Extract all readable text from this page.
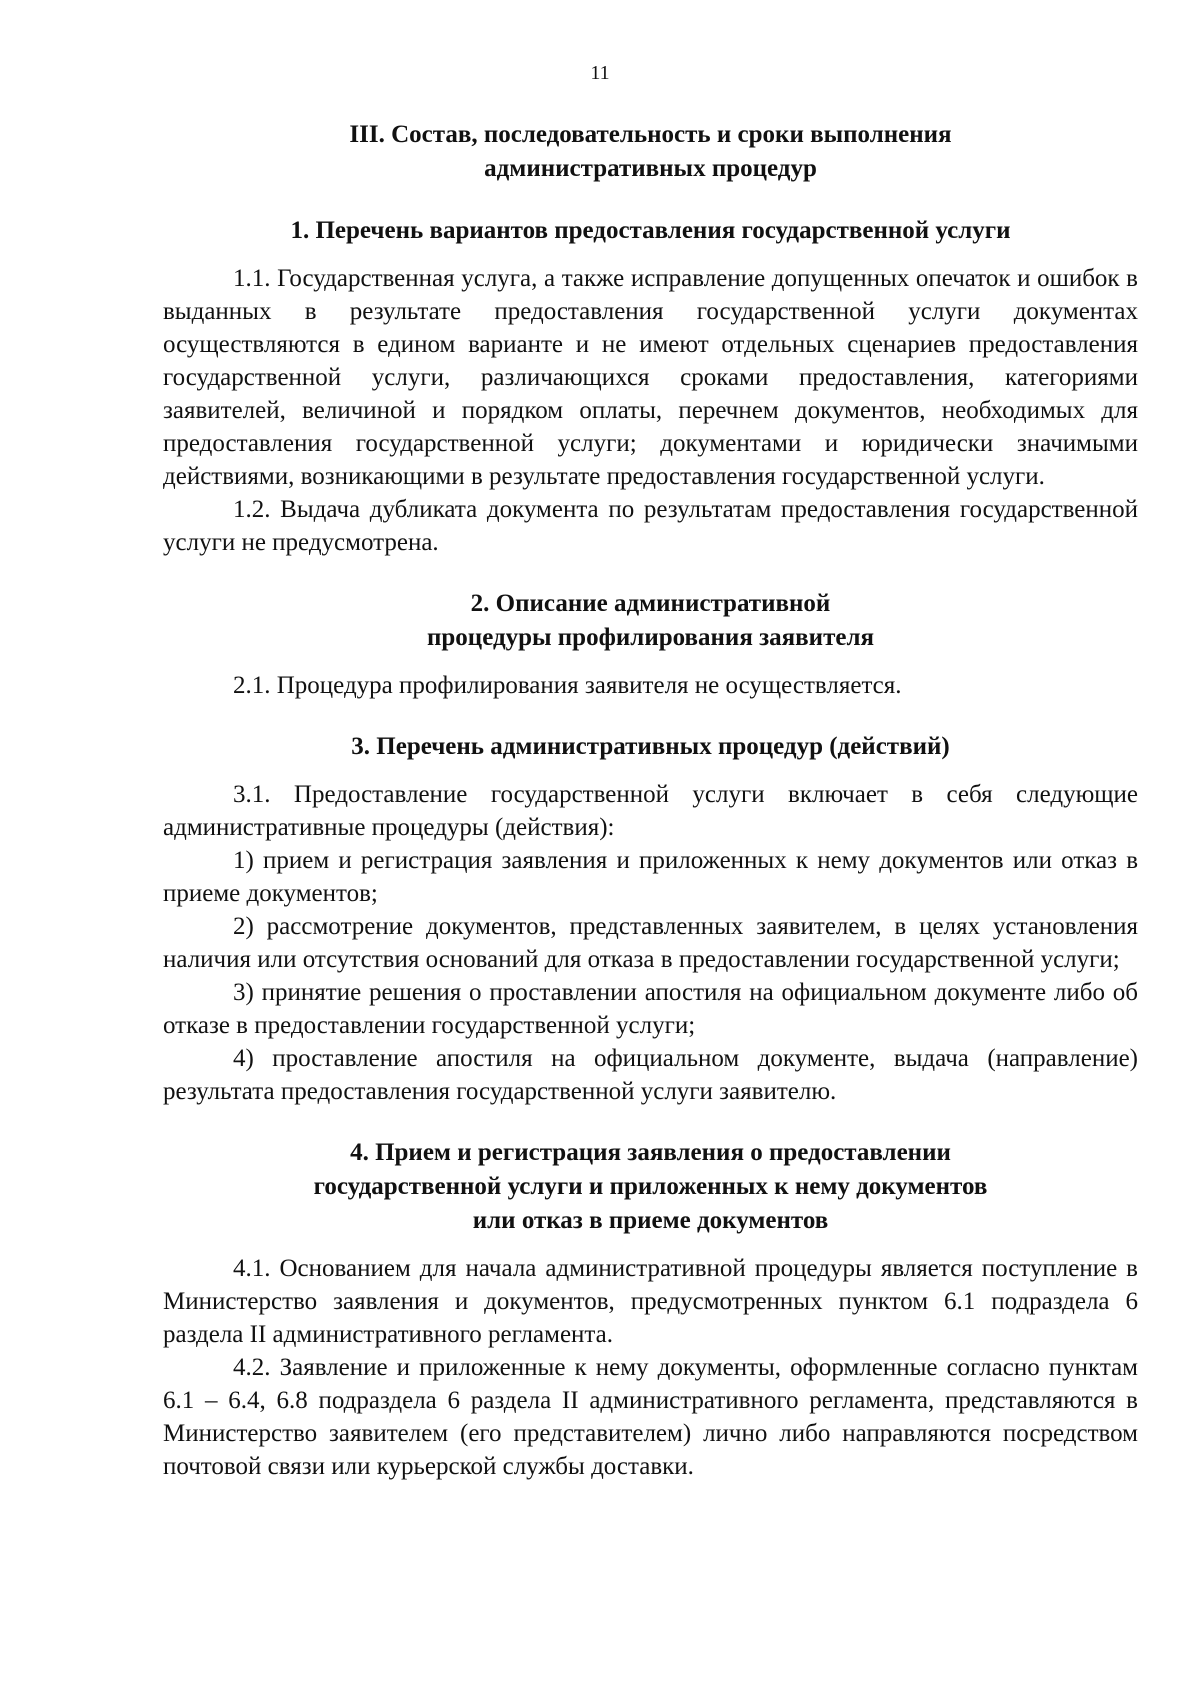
11
III. Состав, последовательность и сроки выполнения административных процедур
1. Перечень вариантов предоставления государственной услуги

1.1. Государственная услуга, а также исправление допущенных опечаток и ошибок в выданных в результате предоставления государственной услуги документах осуществляются в едином варианте и не имеют отдельных сценариев предоставления государственной услуги, различающихся сроками предоставления, категориями заявителей, величиной и порядком оплаты, перечнем документов, необходимых для предоставления государственной услуги; документами и юридически значимыми действиями, возникающими в результате предоставления государственной услуги.

1.2. Выдача дубликата документа по результатам предоставления государственной услуги не предусмотрена.

2. Описание административной процедуры профилирования заявителя

2.1. Процедура профилирования заявителя не осуществляется.

3. Перечень административных процедур (действий)

3.1. Предоставление государственной услуги включает в себя следующие административные процедуры (действия):

1) прием и регистрация заявления и приложенных к нему документов или отказ в приеме документов;

2) рассмотрение документов, представленных заявителем, в целях установления наличия или отсутствия оснований для отказа в предоставлении государственной услуги;

3) принятие решения о проставлении апостиля на официальном документе либо об отказе в предоставлении государственной услуги;

4) проставление апостиля на официальном документе, выдача (направление) результата предоставления государственной услуги заявителю.

4. Прием и регистрация заявления о предоставлении государственной услуги и приложенных к нему документов или отказ в приеме документов

4.1. Основанием для начала административной процедуры является поступление в Министерство заявления и документов, предусмотренных пунктом 6.1 подраздела 6 раздела II административного регламента.

4.2. Заявление и приложенные к нему документы, оформленные согласно пунктам 6.1 – 6.4, 6.8 подраздела 6 раздела II административного регламента, представляются в Министерство заявителем (его представителем) лично либо направляются посредством почтовой связи или курьерской службы доставки.
